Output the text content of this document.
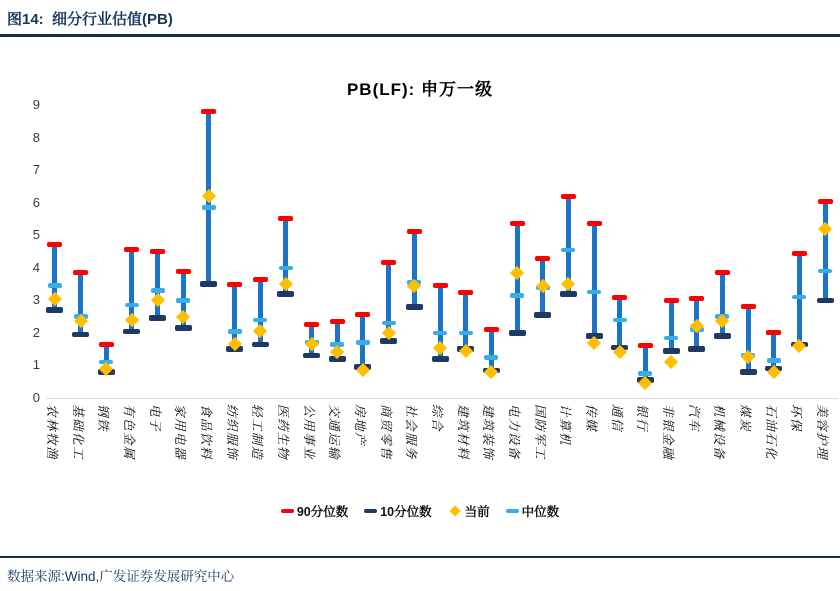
图14:  细分行业估值(PB)
PB(LF): 申万一级
0
1
2
3
4
5
6
7
8
9
农林牧渔 基础化工 钢铁 有色金属 电子 家用电器 食品饮料 纺织服饰 轻工制造 医药生物 公用事业 交通运输 房地产 商贸零售 社会服务 综合 建筑材料 建筑装饰 电力设备 国防军工 计算机 传媒 通信 银行 非银金融 汽车 机械设备 煤炭 石油石化 环保 美容护理
90分位数	10分位数	当前	中位数
数据来源:Wind,广发证券发展研究中心
